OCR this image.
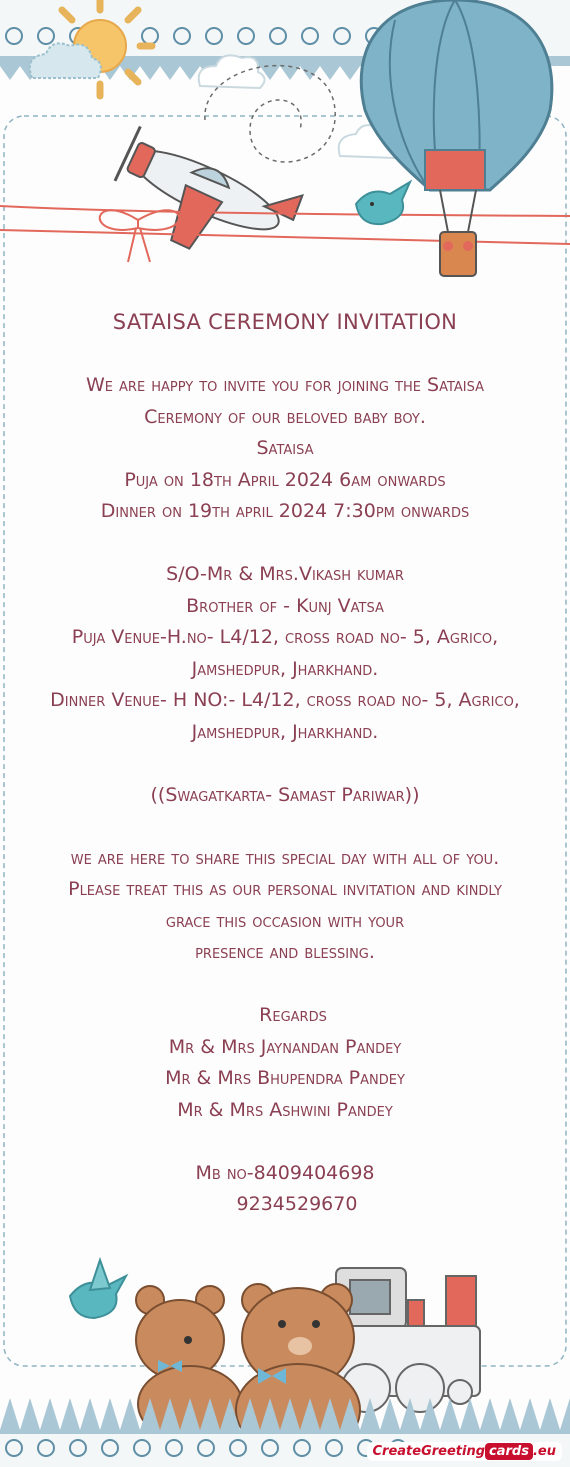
SATAISA CEREMONY INVITATION

We are happy to invite you for joining the Sataisa

Ceremony of our beloved baby boy.

Sataisa

Puja on 18th April 2024 6am onwards

Dinner on 19th april 2024 7:30pm onwards

S/O-Mr & Mrs.Vikash kumar

Brother of - Kunj Vatsa

Puja Venue-H.no- L4/12, cross road no- 5, Agrico,

Jamshedpur, Jharkhand.

Dinner Venue- H NO:- L4/12, cross road no- 5, Agrico,

Jamshedpur, Jharkhand.

((Swagatkarta- Samast Pariwar))

we are here to share this special day with all of you.

Please treat this as our personal invitation and kindly

grace this occasion with your

presence and blessing.

Regards

Mr & Mrs Jaynandan Pandey

Mr & Mrs Bhupendra Pandey

Mr & Mrs Ashwini Pandey

Mb no-8409404698

9234529670

CreateGreeting cards .eu
